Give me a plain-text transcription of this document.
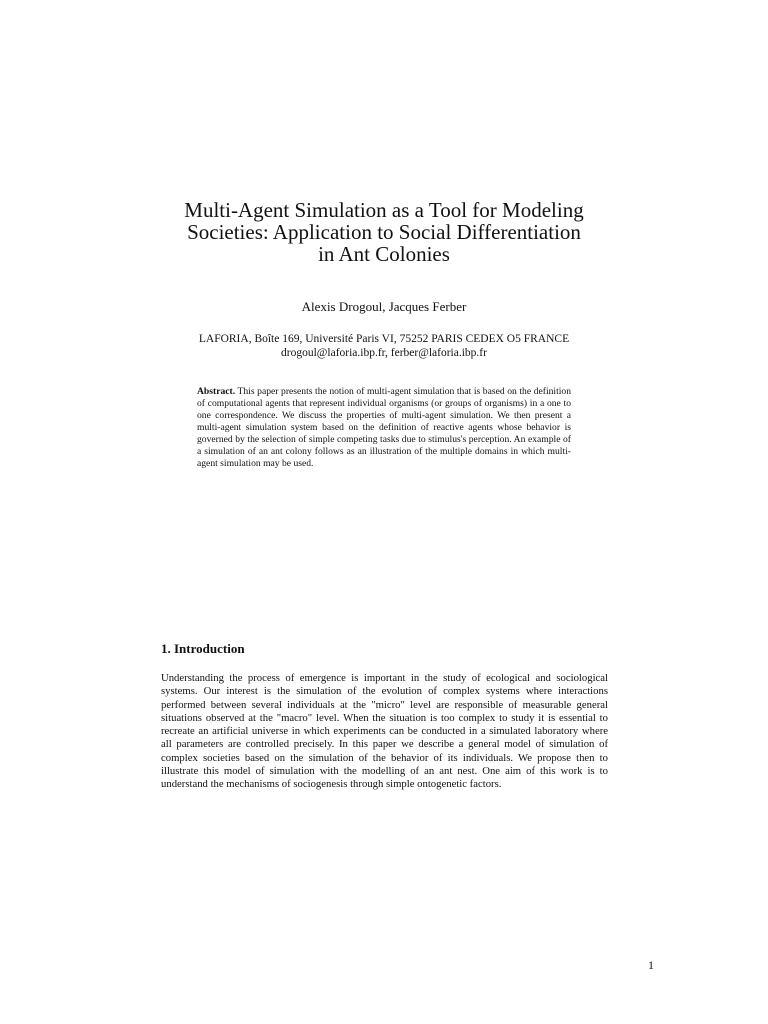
Multi-Agent Simulation as a Tool for Modeling
Societies: Application to Social Differentiation
in Ant Colonies
Alexis Drogoul, Jacques Ferber
LAFORIA, Boîte 169, Université Paris VI, 75252 PARIS CEDEX O5 FRANCE
drogoul@laforia.ibp.fr, ferber@laforia.ibp.fr

Abstract. This paper presents the notion of multi-agent simulation that is based on the definition of computational agents that represent individual organisms (or groups of organisms) in a one to one correspondence. We discuss the properties of multi-agent simulation. We then present a multi-agent simulation system based on the definition of reactive agents whose behavior is governed by the selection of simple competing tasks due to stimulus's perception. An example of a simulation of an ant colony follows as an illustration of the multiple domains in which multi-agent simulation may be used.

1. Introduction

Understanding the process of emergence is important in the study of ecological and sociological systems. Our interest is the simulation of the evolution of complex systems where interactions performed between several individuals at the "micro" level are responsible of measurable general situations observed at the "macro" level. When the situation is too complex to study it is essential to recreate an artificial universe in which experiments can be conducted in a simulated laboratory where all parameters are controlled precisely. In this paper we describe a general model of simulation of complex societies based on the simulation of the behavior of its individuals. We propose then to illustrate this model of simulation with the modelling of an ant nest. One aim of this work is to understand the mechanisms of sociogenesis through simple ontogenetic factors.

1
